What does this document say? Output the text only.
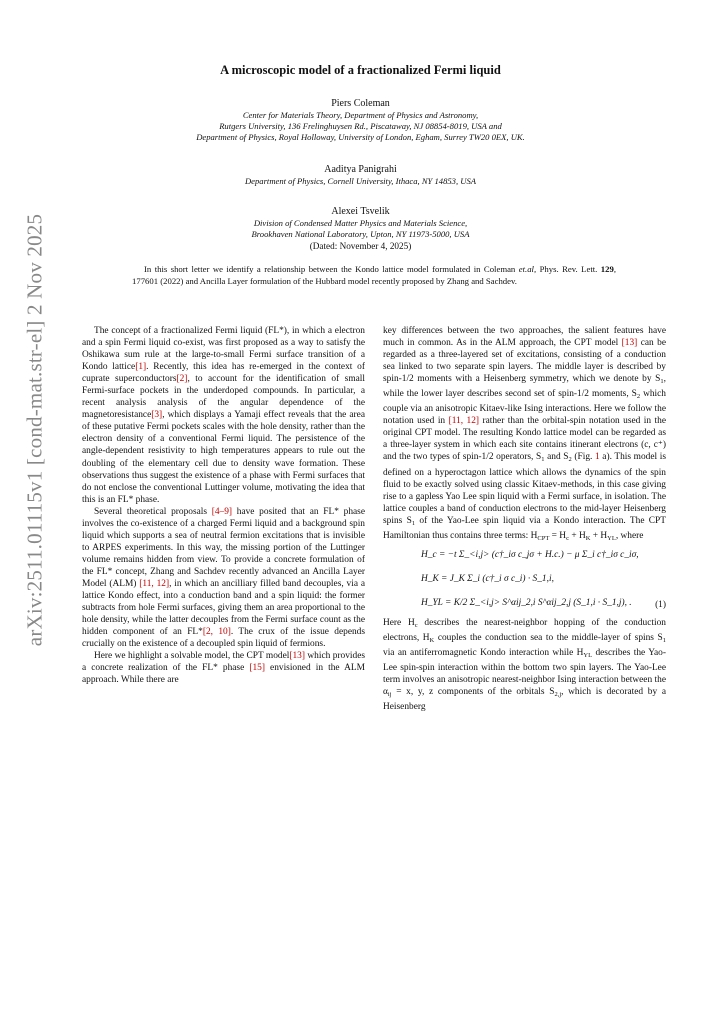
arXiv:2511.01115v1 [cond-mat.str-el] 2 Nov 2025
A microscopic model of a fractionalized Fermi liquid
Piers Coleman
Center for Materials Theory, Department of Physics and Astronomy,
Rutgers University, 136 Frelinghuysen Rd., Piscataway, NJ 08854-8019, USA and
Department of Physics, Royal Holloway, University of London, Egham, Surrey TW20 0EX, UK.
Aaditya Panigrahi
Department of Physics, Cornell University, Ithaca, NY 14853, USA
Alexei Tsvelik
Division of Condensed Matter Physics and Materials Science,
Brookhaven National Laboratory, Upton, NY 11973-5000, USA
(Dated: November 4, 2025)
In this short letter we identify a relationship between the Kondo lattice model formulated in Coleman et.al, Phys. Rev. Lett. 129, 177601 (2022) and Ancilla Layer formulation of the Hubbard model recently proposed by Zhang and Sachdev.

The concept of a fractionalized Fermi liquid (FL*), in which a electron and a spin Fermi liquid co-exist, was first proposed as a way to satisfy the Oshikawa sum rule at the large-to-small Fermi surface transition of a Kondo lattice[1]. Recently, this idea has re-emerged in the context of cuprate superconductors[2], to account for the identification of small Fermi-surface pockets in the underdoped compounds. In particular, a recent analysis analysis of the angular dependence of the magnetoresistance[3], which displays a Yamaji effect reveals that the area of these putative Fermi pockets scales with the hole density, rather than the electron density of a conventional Fermi liquid. The persistence of the angle-dependent resistivity to high temperatures appears to rule out the doubling of the elementary cell due to density wave formation. These observations thus suggest the existence of a phase with Fermi surfaces that do not enclose the conventional Luttinger volume, motivating the idea that this is an FL* phase.

Several theoretical proposals [4–9] have posited that an FL* phase involves the co-existence of a charged Fermi liquid and a background spin liquid which supports a sea of neutral fermion excitations that is invisible to ARPES experiments. In this way, the missing portion of the Luttinger volume remains hidden from view. To provide a concrete formulation of the FL* concept, Zhang and Sachdev recently advanced an Ancilla Layer Model (ALM) [11, 12], in which an ancilliary filled band decouples, via a lattice Kondo effect, into a conduction band and a spin liquid: the former subtracts from hole Fermi surfaces, giving them an area proportional to the hole density, while the latter decouples from the Fermi surface count as the hidden component of an FL*[2, 10]. The crux of the issue depends crucially on the existence of a decoupled spin liquid of fermions.

Here we highlight a solvable model, the CPT model[13] which provides a concrete realization of the FL* phase [15] envisioned in the ALM approach. While there are

key differences between the two approaches, the salient features have much in common. As in the ALM approach, the CPT model [13] can be regarded as a three-layered set of excitations, consisting of a conduction sea linked to two separate spin layers. The middle layer is described by spin-1/2 moments with a Heisenberg symmetry, which we denote by $S_1$, while the lower layer describes second set of spin-1/2 moments, $S_2$ which couple via an anisotropic Kitaev-like Ising interactions. Here we follow the notation used in [11, 12] rather than the orbital-spin notation used in the original CPT model. The resulting Kondo lattice model can be regarded as a three-layer system in which each site contains itinerant electrons (c, c⁺) and the two types of spin-1/2 operators, $S_1$ and $S_2$ (Fig. 1 a). This model is defined on a hyperoctagon lattice which allows the dynamics of the spin fluid to be exactly solved using classic Kitaev-methods, in this case giving rise to a gapless Yao Lee spin liquid with a Fermi surface, in isolation. The lattice couples a band of conduction electrons to the mid-layer Heisenberg spins $S_1$ of the Yao-Lee spin liquid via a Kondo interaction. The CPT Hamiltonian thus contains three terms: $H_{CPT} = H_c + H_K + H_{YL}$, where

H_c = −t Σ_<i,j> (c†_iσ c_jσ + H.c.) − μ Σ_i c†_iσ c_iσ,
H_K = J_K Σ_i (c†_i σ c_i) · S_1,i,
H_YL = K/2 Σ_<i,j> S^αij_2,i S^αij_2,j (S_1,i · S_1,j), . (1)

Here $H_c$ describes the nearest-neighbor hopping of the conduction electrons, $H_K$ couples the conduction sea to the middle-layer of spins $S_1$ via an antiferromagnetic Kondo interaction while $H_{YL}$ describes the Yao-Lee spin-spin interaction within the bottom two spin layers. The Yao-Lee term involves an anisotropic nearest-neighbor Ising interaction between the $\alpha_{ij} = x$, y, z components of the orbitals $S_{2,j}$, which is decorated by a Heisenberg
